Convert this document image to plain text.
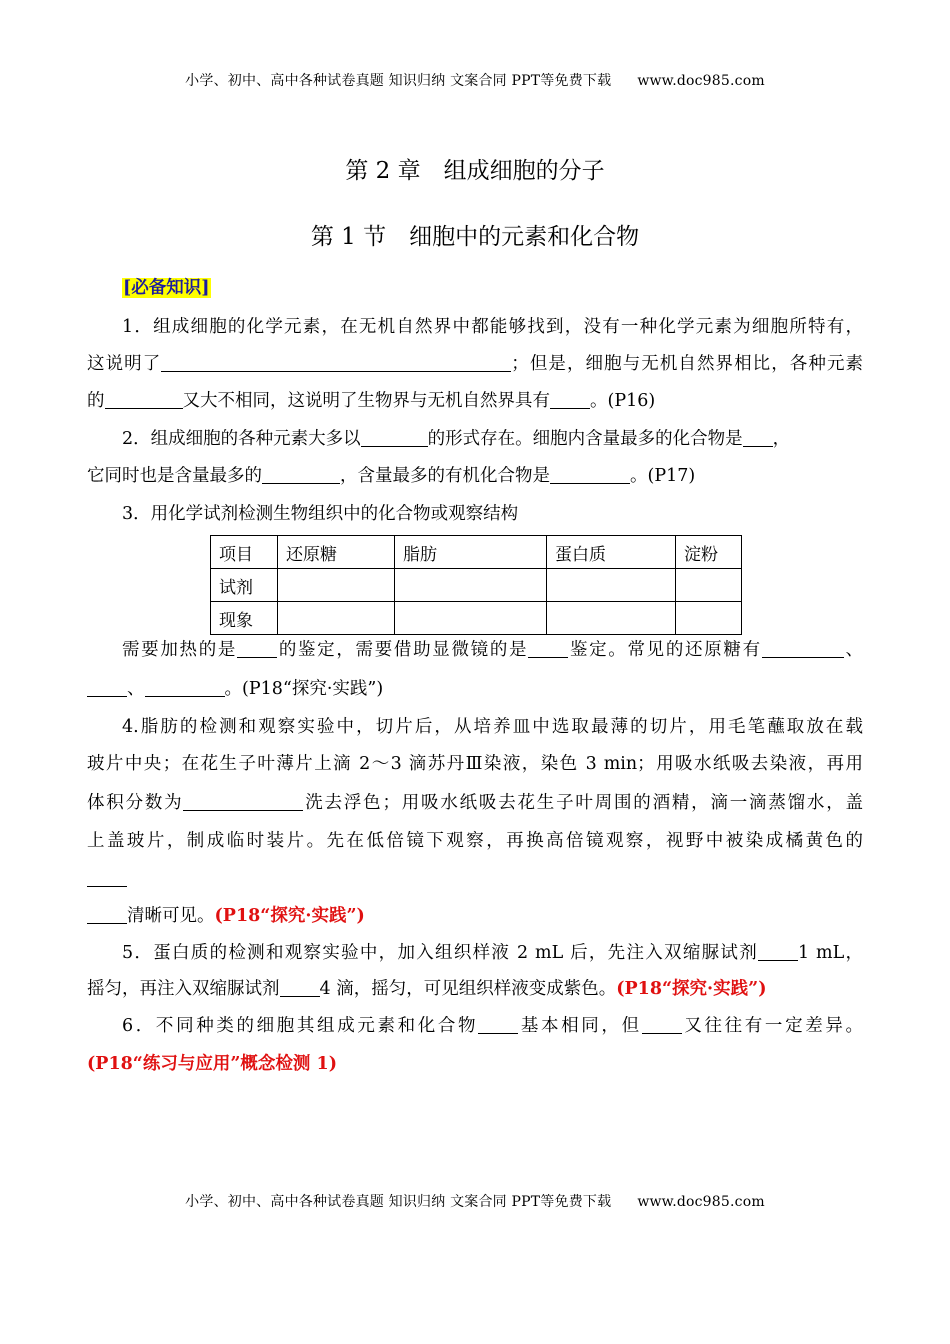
小学、初中、高中各种试卷真题 知识归纳 文案合同 PPT等免费下载 www.doc985.com
第 2 章　组成细胞的分子
第 1 节　细胞中的元素和化合物
[必备知识]
1．组成细胞的化学元素，在无机自然界中都能够找到，没有一种化学元素为细胞所特有，
这说明了	；但是，细胞与无机自然界相比，各种元素
的	又大不相同，这说明了生物界与无机自然界具有 。(P16)
2．组成细胞的各种元素大多以	的形式存在。细胞内含量最多的化合物是 ，
它同时也是含量最多的	，含量最多的有机化合物是	。(P17)
3．用化学试剂检测生物组织中的化合物或观察结构
项目	还原糖	脂肪	蛋白质	淀粉
试剂				
现象				
需要加热的是 的鉴定，需要借助显微镜的是 鉴定。常见的还原糖有	、
、	。(P18“探究·实践”)
4.脂肪的检测和观察实验中，切片后，从培养皿中选取最薄的切片，用毛笔蘸取放在载
玻片中央；在花生子叶薄片上滴 2～3 滴苏丹Ⅲ染液，染色 3 min；用吸水纸吸去染液，再用
体积分数为	洗去浮色；用吸水纸吸去花生子叶周围的酒精，滴一滴蒸馏水，盖
上盖玻片，制成临时装片。先在低倍镜下观察，再换高倍镜观察，视野中被染成橘黄色的
清晰可见。(P18“探究·实践”)
5．蛋白质的检测和观察实验中，加入组织样液 2 mL 后，先注入双缩脲试剂 1 mL，
摇匀，再注入双缩脲试剂 4 滴，摇匀，可见组织样液变成紫色。(P18“探究·实践”)
6．不同种类的细胞其组成元素和化合物 基本相同，但 又往往有一定差异。
(P18“练习与应用”概念检测 1)
小学、初中、高中各种试卷真题 知识归纳 文案合同 PPT等免费下载 www.doc985.com
